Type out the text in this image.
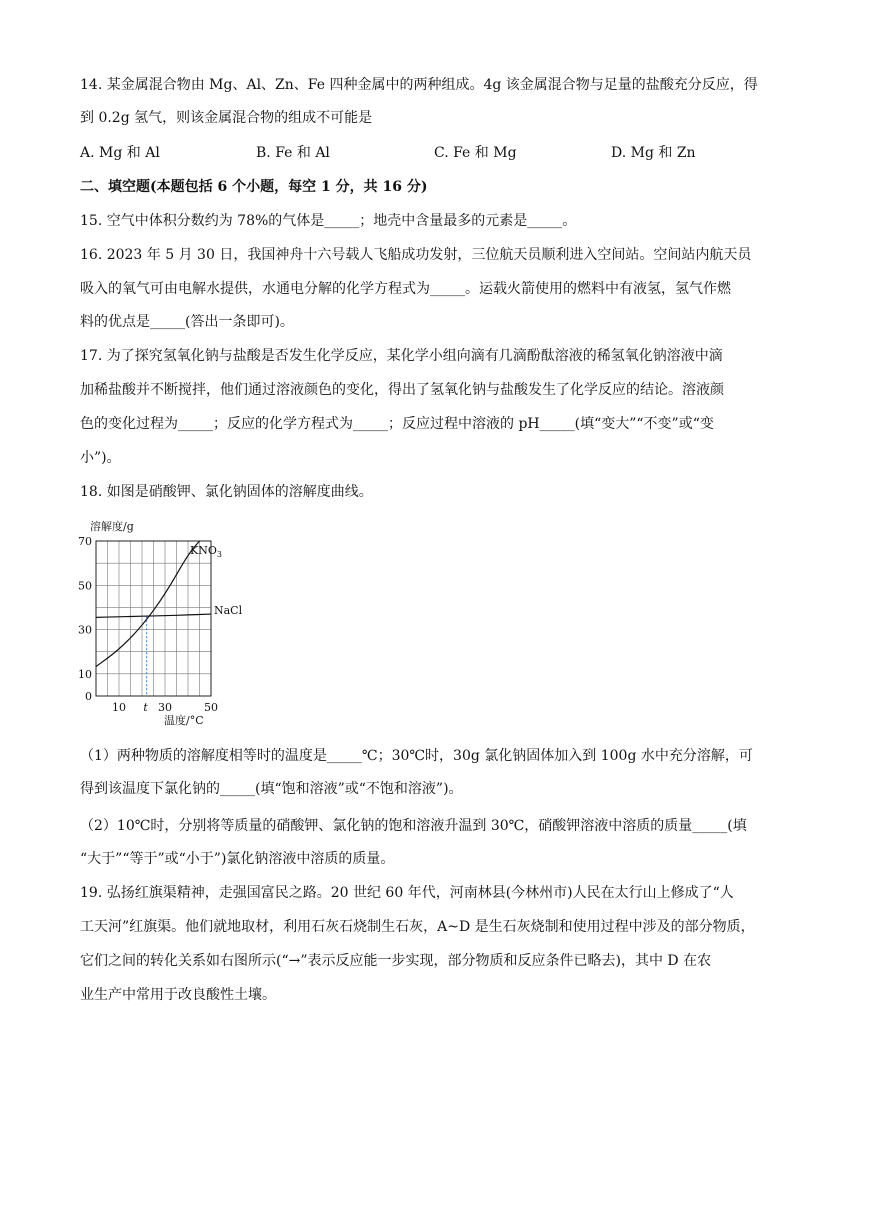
14. 某金属混合物由 Mg、Al、Zn、Fe 四种金属中的两种组成。4g 该金属混合物与足量的盐酸充分反应，得

到 0.2g 氢气，则该金属混合物的组成不可能是

A. Mg 和 Al	B. Fe 和 Al	C. Fe 和 Mg	D. Mg 和 Zn

二、填空题(本题包括 6 个小题，每空 1 分，共 16 分)

15. 空气中体积分数约为 78%的气体是_____；地壳中含量最多的元素是_____。

16. 2023 年 5 月 30 日，我国神舟十六号载人飞船成功发射，三位航天员顺利进入空间站。空间站内航天员

吸入的氧气可由电解水提供，水通电分解的化学方程式为_____。运载火箭使用的燃料中有液氢，氢气作燃

料的优点是_____(答出一条即可)。

17. 为了探究氢氧化钠与盐酸是否发生化学反应，某化学小组向滴有几滴酚酞溶液的稀氢氧化钠溶液中滴

加稀盐酸并不断搅拌，他们通过溶液颜色的变化，得出了氢氧化钠与盐酸发生了化学反应的结论。溶液颜

色的变化过程为_____；反应的化学方程式为_____；反应过程中溶液的 pH_____(填“变大”“不变”或“变

小”)。

18. 如图是硝酸钾、氯化钠固体的溶解度曲线。

0
10
30
50
70
10	30	50
溶解度/g
温度/°C
t
$KNO_3$
NaCl

（1）两种物质的溶解度相等时的温度是_____℃；30℃时，30g 氯化钠固体加入到 100g 水中充分溶解，可

得到该温度下氯化钠的_____(填“饱和溶液”或“不饱和溶液”)。

（2）10℃时，分别将等质量的硝酸钾、氯化钠的饱和溶液升温到 30℃，硝酸钾溶液中溶质的质量_____(填

“大于”“等于”或“小于”)氯化钠溶液中溶质的质量。

19. 弘扬红旗渠精神，走强国富民之路。20 世纪 60 年代，河南林县(今林州市)人民在太行山上修成了“人

工天河”红旗渠。他们就地取材，利用石灰石烧制生石灰，A~D 是生石灰烧制和使用过程中涉及的部分物质，

它们之间的转化关系如右图所示(“→”表示反应能一步实现，部分物质和反应条件已略去)，其中 D 在农

业生产中常用于改良酸性土壤。
